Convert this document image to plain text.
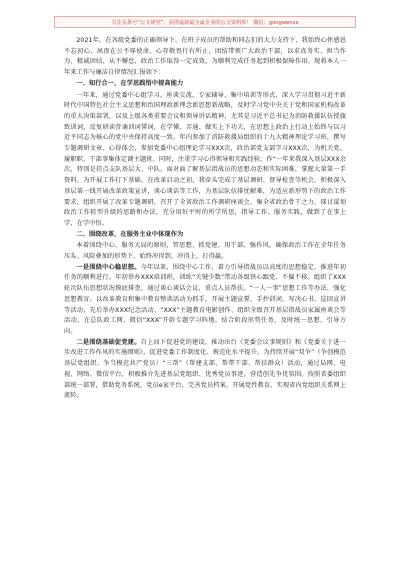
关注头条号“公文研究”，获得最新最全最专业的公文资料库！ 微信：gongwenxx

2021年，在各级党委的正确领导下，在班子成员的帮助和同志们的大力支持下，我始终心怀感恩不忘初心，夙夜在公不辱使命，心存敬畏行有所止，团结带领广大政治干部，以求真务实、担当作为、精诚团结、从不懈怠，政治工作取得一定成效，为顺利完成任务起到积极保障作用。现将本人一年来工作与廉洁自律情况汇报如下：

一、知行合一，在学思践悟中提高能力

一年来，通过党委中心组学习、座谈交流、专家辅导、集中培训等形式，深入学习贯彻习近平新时代中国特色社会主义思想和治国理政新理念新思想新战略，及时学习党中央关于党和国家机构改革的重大决策部署，以及上级各类重要会议和领导讲话精神，尤其是习近平总书记为消防救援队伍授旗致训词，反复研读背诵训词誓词，在学懂、弄通、做实上下功夫，在思想上政治上行动上始终与以习近平同志为核心的党中央保持高度一致。年内参加了消防救援局组织的十九大精神理论学习班，撰写专题调研文章、心得体会，参加党委中心组理论学习XXX次，政治部党支部学习XXX次，为机关党、履职职、干部事集体定调主题班。同时，注重学习心得领导和实践经验，作“一年来我深入基层XXX余次，特别是挂点支队基层大、中队，面对面了解基层指战员的思想动态和实际困难，掌握大量第一手资料，为开展工作打下基础。在改革启动之初，我牵头完成了基层调研、督导检查等机会，积极深入基层第一线开展改革政策宣讲，谈心谈话等工作，为基层队伍排忧解难，为适应新形势下的政治工作要求，组织开展了改革专题调研，召开了全省政治工作调研座谈会，集全省政治骨干之力，探讨谋划政治工作转型升级的思路和办法，充分用好平时的所学所思，指导工作、服务实践，做到了在事上学、在学中悟。

二、围绕改革，在服务主业中体现作为

本着围绕中心、服务大局的原则，管思想、抓党建、用干部、强作风，确保政治工作在全年任务压头、风险叠加的形势下，始终冲得到、冲得上、打得赢。

一是围绕中心稳思想。今年以来，围绕中心工作，着力引导指战员以高度的思想稳定，推进年初任务的顺利进行。年初举办XXX培训班，训练“关键少数”带动各级铁心跟党、不偏不移。组织了XXX轮次队伍思想状况摸底排查，通过谈心谈话会议，重点人员帮扶。“一人一事”思想工作等办法，强化思想教育。以改革教育和集中教育整训活动为抓手，开展主题宣誓、手抄训词、写决心书、巡回宣讲等活动，先后举办XXX纪念活动、“XXX”主题教育电影创作、组织全级召开基层指战员家属座谈会等活动，在总队政工网、微信“XXX”开辟专题学习阵地，结合阶段形势任务，及时统一思想、引导方向。

二是围绕基础促党建。自上而下促进党的建设，推动出台《党委会议事规则》和《党委关于进一步改进工作作风的实施细则》，促进党委工作制度化、规范化水平提升。为持续开展“双争”（争创模范基层党组织、争当模范共产党员）“三帮”（帮建支部、帮带干部、帮扶群众）活动，通过局网、电视、网络、微信平台，积极推介先进基层党组织、优秀党员事迹，营造创先争优氛围。按照省委组织部统一部署，借助党务系统，党员e家平台，完善党员档案，开展党性教育，实现省内党组织关系网上流转。
